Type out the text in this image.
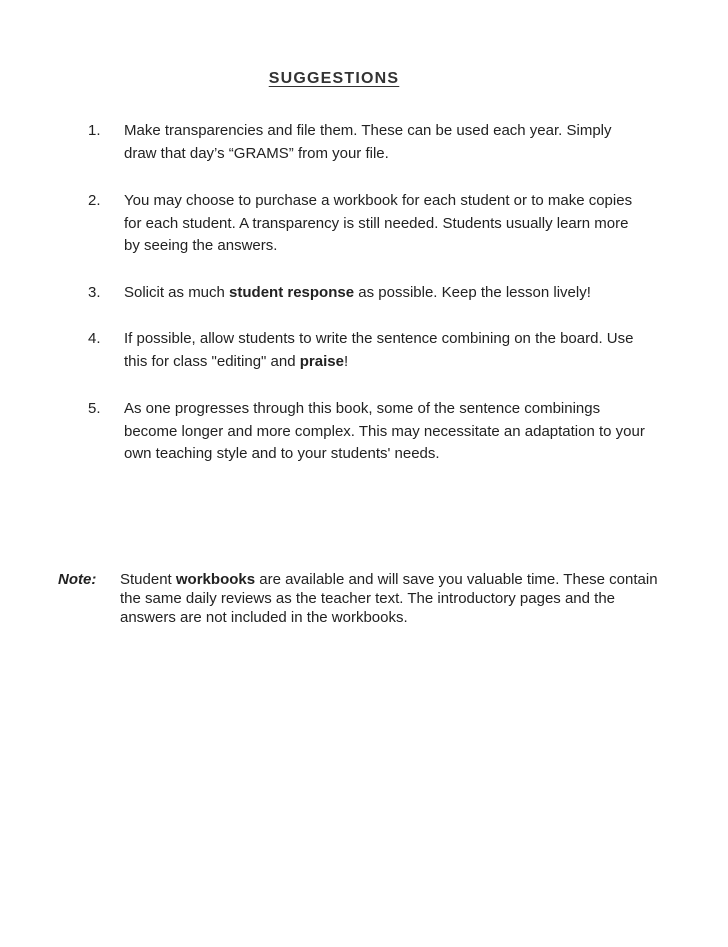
SUGGESTIONS
1.	Make transparencies and file them. These can be used each year. Simply draw that day’s “GRAMS” from your file.
2.	You may choose to purchase a workbook for each student or to make copies for each student. A transparency is still needed. Students usually learn more by seeing the answers.
3.	Solicit as much student response as possible. Keep the lesson lively!
4.	If possible, allow students to write the sentence combining on the board. Use this for class "editing" and praise!
5.	As one progresses through this book, some of the sentence combinings become longer and more complex. This may necessitate an adaptation to your own teaching style and to your students' needs.
Note: Student workbooks are available and will save you valuable time. These contain the same daily reviews as the teacher text. The introductory pages and the answers are not included in the workbooks.
